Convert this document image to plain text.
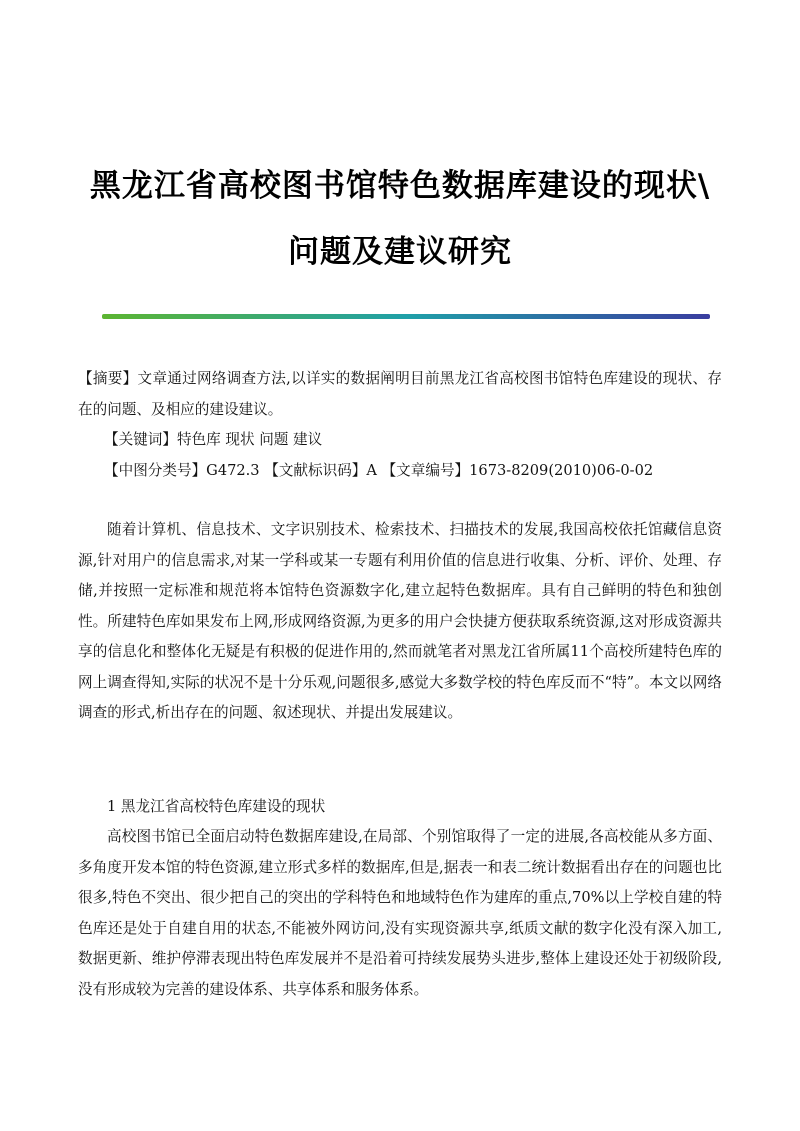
黑龙江省高校图书馆特色数据库建设的现状\
问题及建议研究

【摘要】文章通过网络调查方法,以详实的数据阐明目前黑龙江省高校图书馆特色库建设的现状、存在的问题、及相应的建设建议。

【关键词】特色库 现状 问题 建议
【中图分类号】G472.3 【文献标识码】A 【文章编号】1673-8209(2010)06-0-02

随着计算机、信息技术、文字识别技术、检索技术、扫描技术的发展,我国高校依托馆藏信息资源,针对用户的信息需求,对某一学科或某一专题有利用价值的信息进行收集、分析、评价、处理、存储,并按照一定标准和规范将本馆特色资源数字化,建立起特色数据库。具有自己鲜明的特色和独创性。所建特色库如果发布上网,形成网络资源,为更多的用户会快捷方便获取系统资源,这对形成资源共享的信息化和整体化无疑是有积极的促进作用的,然而就笔者对黑龙江省所属11个高校所建特色库的网上调查得知,实际的状况不是十分乐观,问题很多,感觉大多数学校的特色库反而不“特”。本文以网络调查的形式,析出存在的问题、叙述现状、并提出发展建议。

1 黑龙江省高校特色库建设的现状

高校图书馆已全面启动特色数据库建设,在局部、个别馆取得了一定的进展,各高校能从多方面、多角度开发本馆的特色资源,建立形式多样的数据库,但是,据表一和表二统计数据看出存在的问题也比很多,特色不突出、很少把自己的突出的学科特色和地域特色作为建库的重点,70%以上学校自建的特色库还是处于自建自用的状态,不能被外网访问,没有实现资源共享,纸质文献的数字化没有深入加工,数据更新、维护停滞表现出特色库发展并不是沿着可持续发展势头进步,整体上建设还处于初级阶段,没有形成较为完善的建设体系、共享体系和服务体系。
